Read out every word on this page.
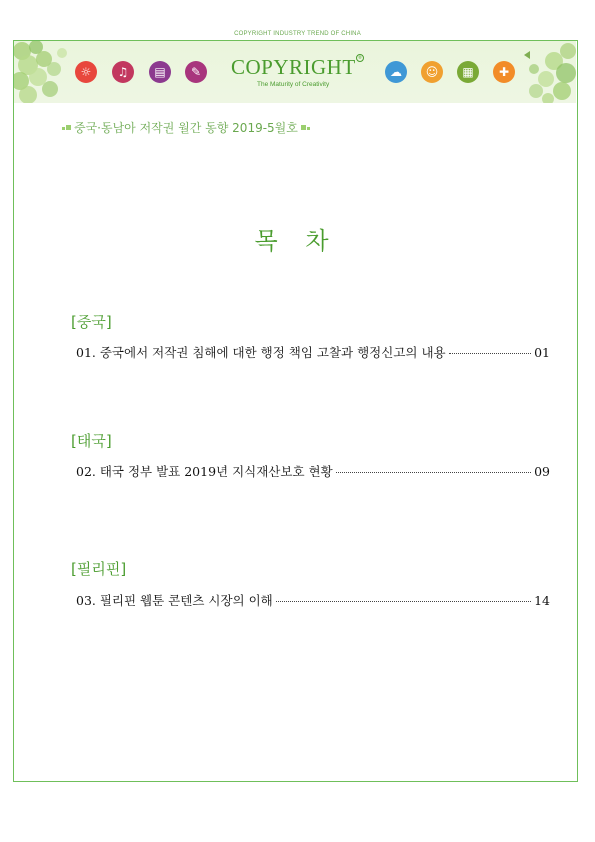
COPYRIGHT INDUSTRY TREND OF CHINA
☼	♫	▤	✎ COPYRIGHT ®
The Maturity of Creativity
☁	☺	▦	✚
중국·동남아 저작권 월간 동향 2019-5월호
목 차
[중국]
01. 중국에서 저작권 침해에 대한 행정 책임 고찰과 행정신고의 내용	01
[태국]
02. 태국 정부 발표 2019년 지식재산보호 현황	09
[필리핀]
03. 필리핀 웹툰 콘텐츠 시장의 이해	14
